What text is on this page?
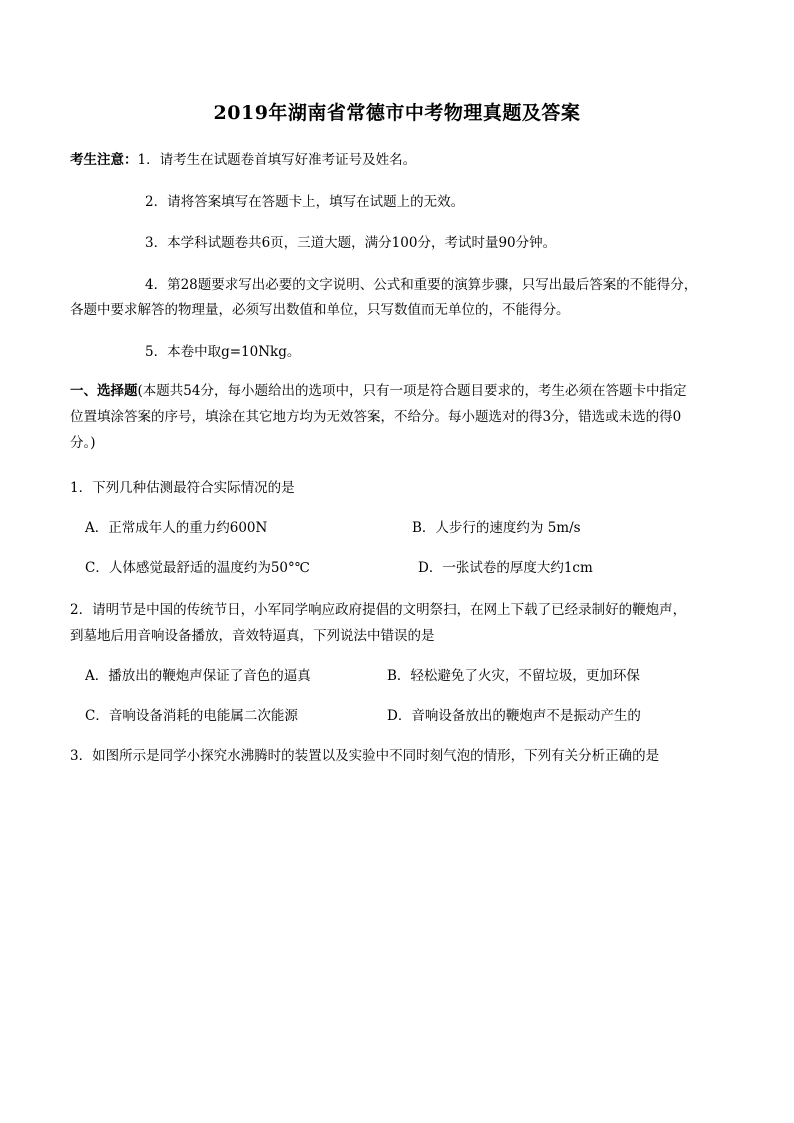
2019年湖南省常德市中考物理真题及答案
考生注意：1．请考生在试题卷首填写好准考证号及姓名。
2．请将答案填写在答题卡上，填写在试题上的无效。
3．本学科试题卷共6页，三道大题，满分100分，考试时量90分钟。
4．第28题要求写出必要的文字说明、公式和重要的演算步骤，只写出最后答案的不能得分，
各题中要求解答的物理量，必须写出数值和单位，只写数值而无单位的，不能得分。
5．本卷中取g=10Nkg。
一、选择题(本题共54分，每小题给出的选项中，只有一项是符合题目要求的，考生必须在答题卡中指定
位置填涂答案的序号，填涂在其它地方均为无效答案，不给分。每小题选对的得3分，错选或未选的得0
分。)
1．下列几种估测最符合实际情况的是
A．正常成年人的重力约600N	B．人步行的速度约为 5m/s
C．人体感觉最舒适的温度约为50°℃	D．一张试卷的厚度大约1cm
2．请明节是中国的传统节日，小军同学响应政府提倡的文明祭扫，在网上下载了已经录制好的鞭炮声，
到墓地后用音响设备播放，音效特逼真，下列说法中错误的是
A．播放出的鞭炮声保证了音色的逼真	B．轻松避免了火灾，不留垃圾，更加环保
C．音响设备消耗的电能属二次能源	D．音响设备放出的鞭炮声不是振动产生的
3．如图所示是同学小探究水沸腾时的装置以及实验中不同时刻气泡的情形，下列有关分析正确的是
